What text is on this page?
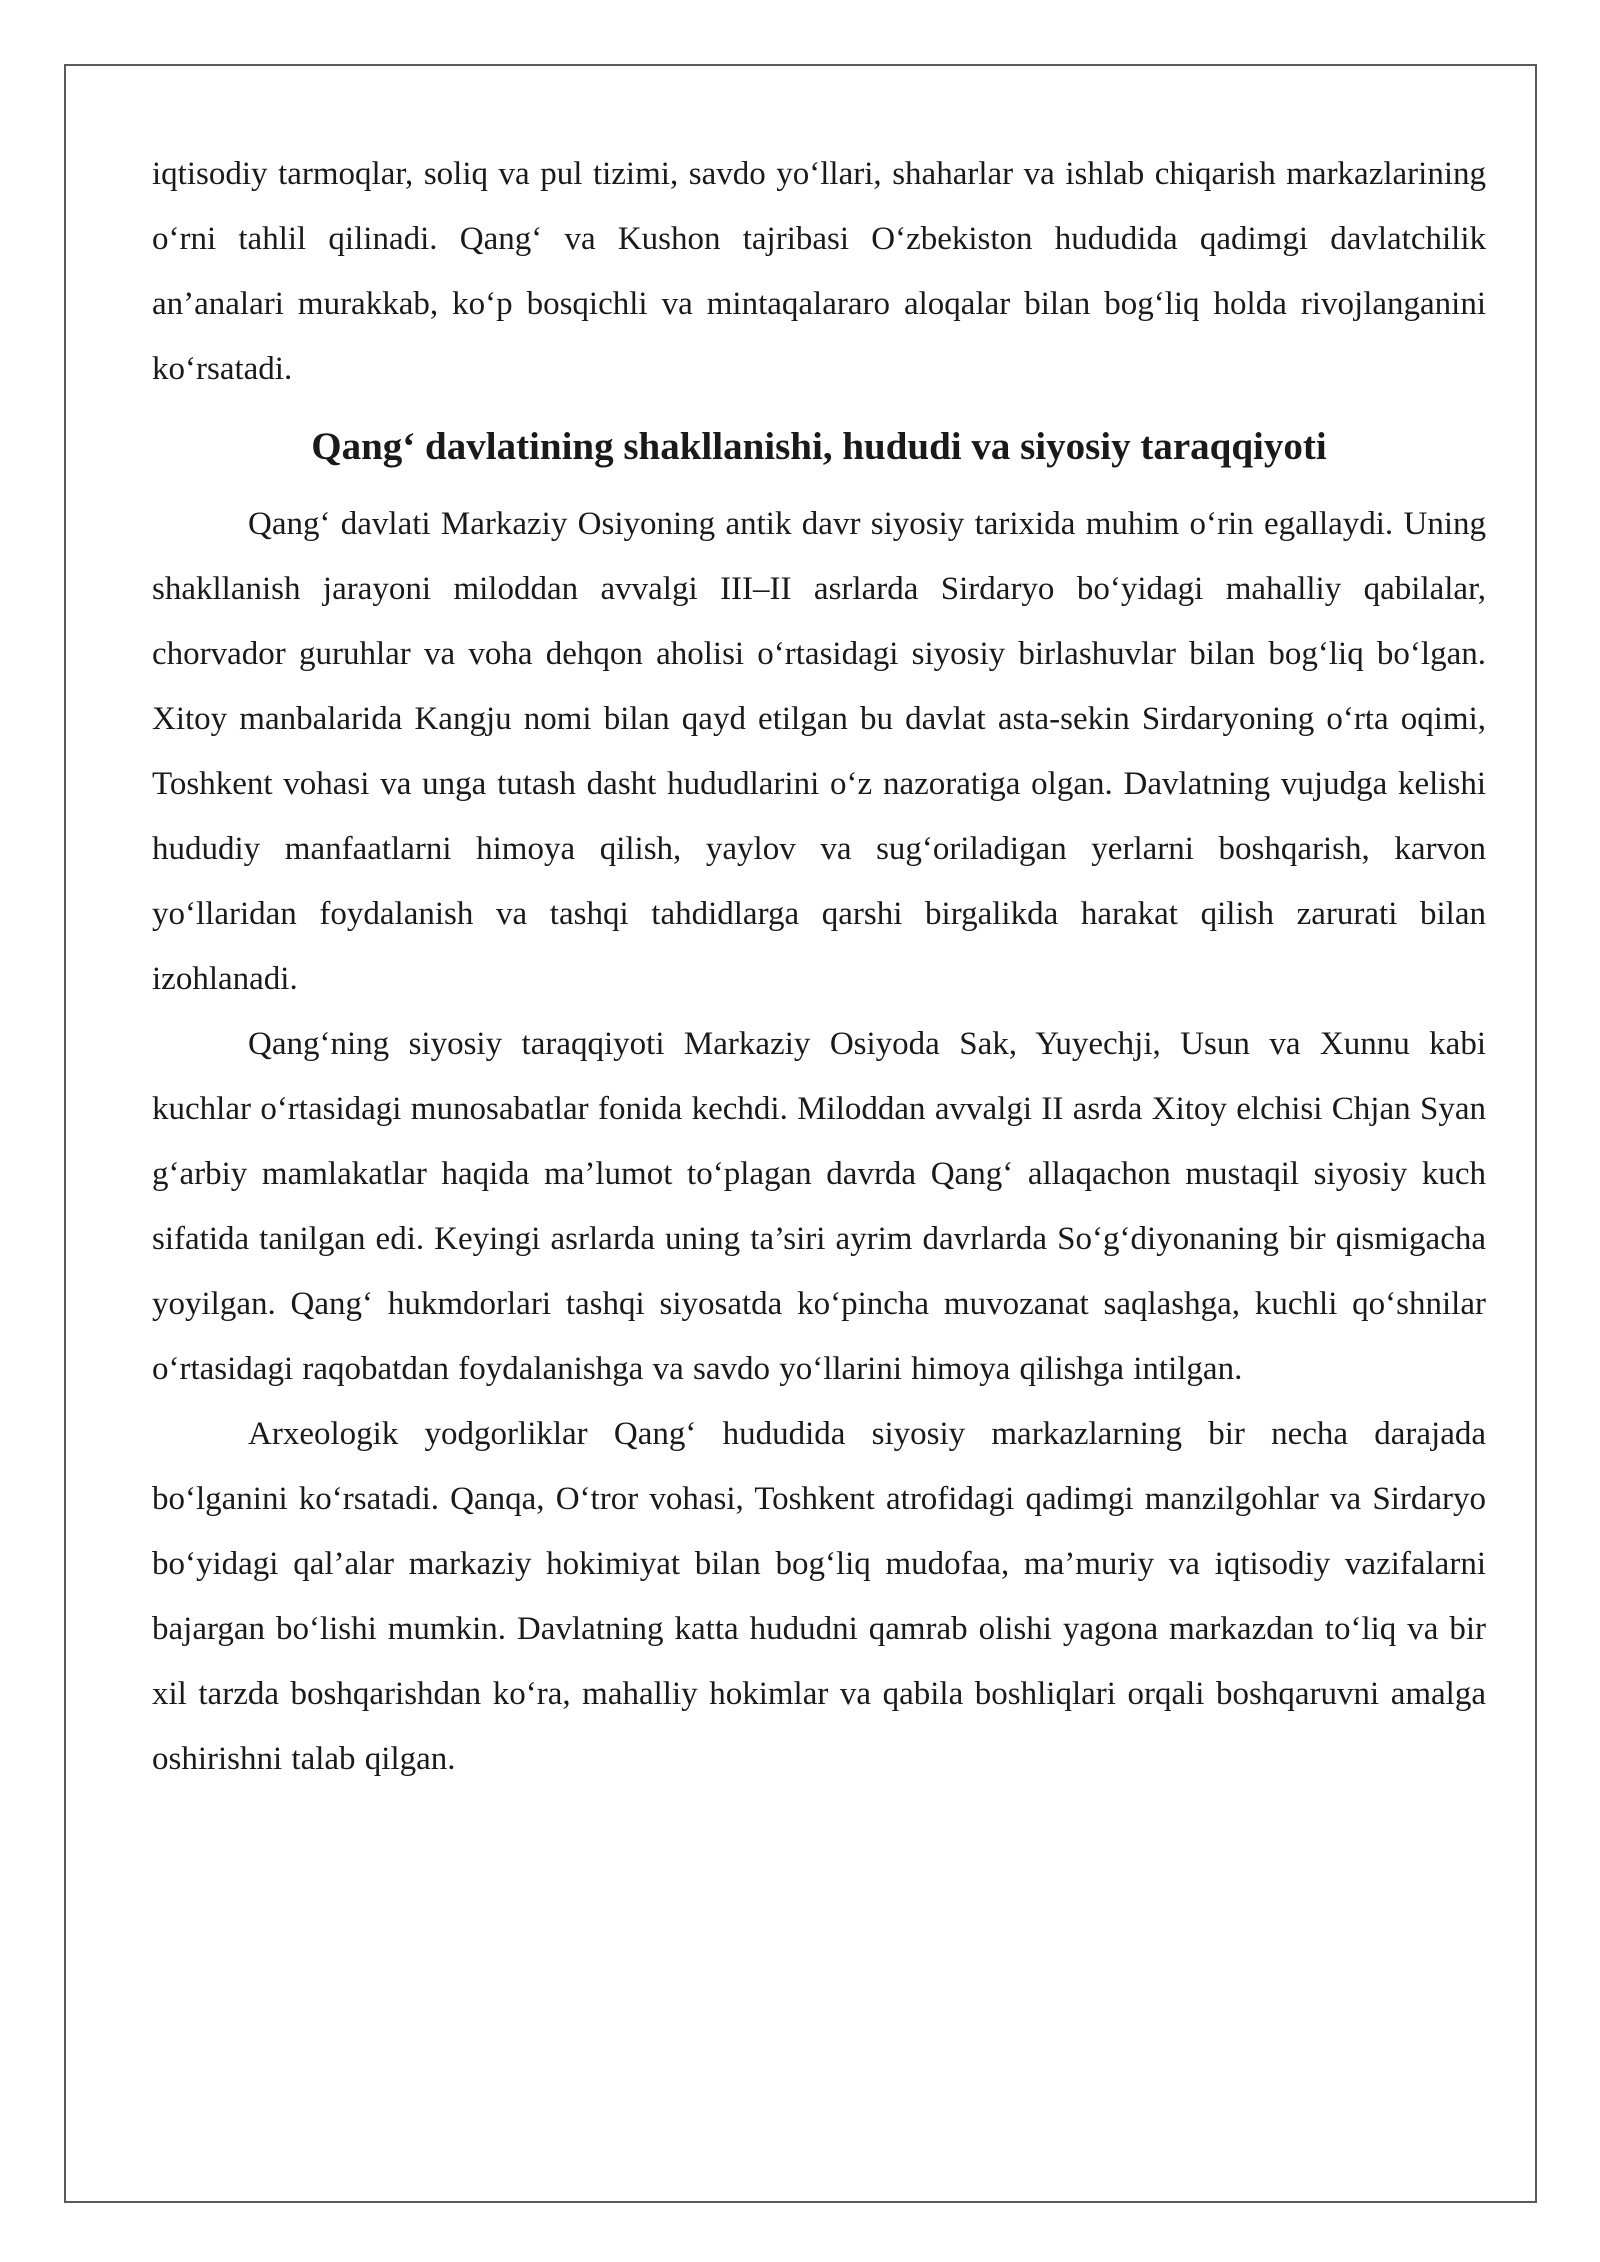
iqtisodiy tarmoqlar, soliq va pul tizimi, savdo yo‘llari, shaharlar va ishlab chiqarish markazlarining o‘rni tahlil qilinadi. Qang‘ va Kushon tajribasi O‘zbekiston hududida qadimgi davlatchilik an’analari murakkab, ko‘p bosqichli va mintaqalararo aloqalar bilan bog‘liq holda rivojlanganini ko‘rsatadi.

Qang‘ davlatining shakllanishi, hududi va siyosiy taraqqiyoti

Qang‘ davlati Markaziy Osiyoning antik davr siyosiy tarixida muhim o‘rin egallaydi. Uning shakllanish jarayoni miloddan avvalgi III–II asrlarda Sirdaryo bo‘yidagi mahalliy qabilalar, chorvador guruhlar va voha dehqon aholisi o‘rtasidagi siyosiy birlashuvlar bilan bog‘liq bo‘lgan. Xitoy manbalarida Kangju nomi bilan qayd etilgan bu davlat asta-sekin Sirdaryoning o‘rta oqimi, Toshkent vohasi va unga tutash dasht hududlarini o‘z nazoratiga olgan. Davlatning vujudga kelishi hududiy manfaatlarni himoya qilish, yaylov va sug‘oriladigan yerlarni boshqarish, karvon yo‘llaridan foydalanish va tashqi tahdidlarga qarshi birgalikda harakat qilish zarurati bilan izohlanadi.

Qang‘ning siyosiy taraqqiyoti Markaziy Osiyoda Sak, Yuyechji, Usun va Xunnu kabi kuchlar o‘rtasidagi munosabatlar fonida kechdi. Miloddan avvalgi II asrda Xitoy elchisi Chjan Syan g‘arbiy mamlakatlar haqida ma’lumot to‘plagan davrda Qang‘ allaqachon mustaqil siyosiy kuch sifatida tanilgan edi. Keyingi asrlarda uning ta’siri ayrim davrlarda So‘g‘diyonaning bir qismigacha yoyilgan. Qang‘ hukmdorlari tashqi siyosatda ko‘pincha muvozanat saqlashga, kuchli qo‘shnilar o‘rtasidagi raqobatdan foydalanishga va savdo yo‘llarini himoya qilishga intilgan.

Arxeologik yodgorliklar Qang‘ hududida siyosiy markazlarning bir necha darajada bo‘lganini ko‘rsatadi. Qanqa, O‘tror vohasi, Toshkent atrofidagi qadimgi manzilgohlar va Sirdaryo bo‘yidagi qal’alar markaziy hokimiyat bilan bog‘liq mudofaa, ma’muriy va iqtisodiy vazifalarni bajargan bo‘lishi mumkin. Davlatning katta hududni qamrab olishi yagona markazdan to‘liq va bir xil tarzda boshqarishdan ko‘ra, mahalliy hokimlar va qabila boshliqlari orqali boshqaruvni amalga oshirishni talab qilgan.
